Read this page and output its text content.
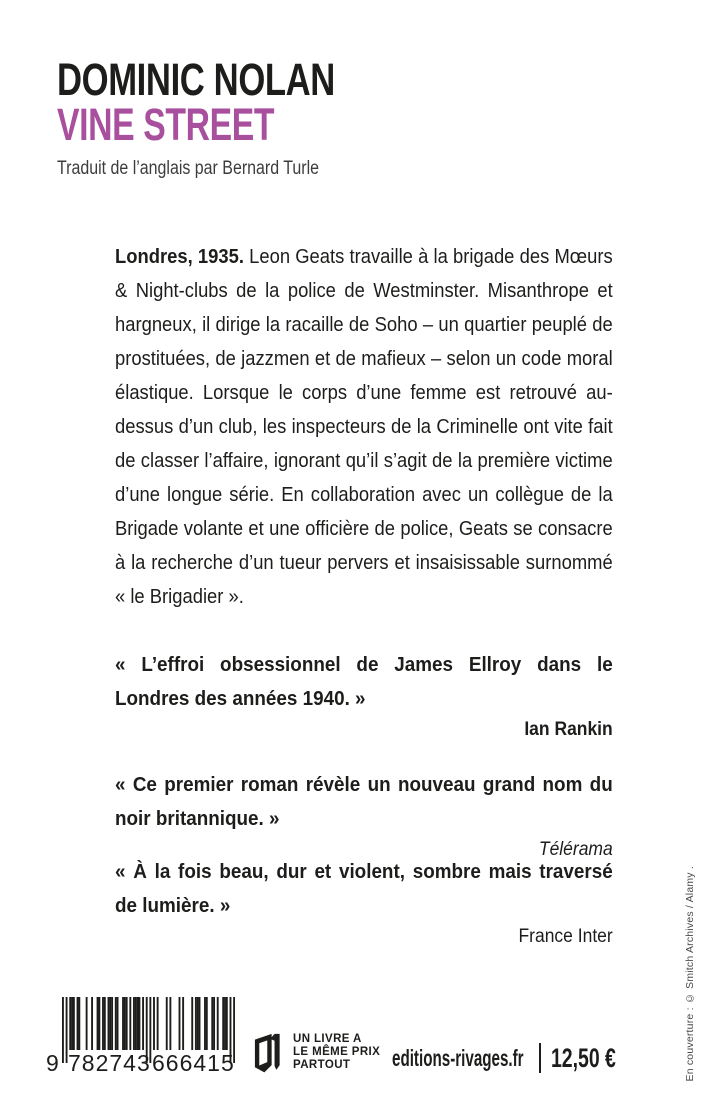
DOMINIC NOLAN
VINE STREET
Traduit de l’anglais par Bernard Turle

Londres, 1935. Leon Geats travaille à la brigade des Mœurs & Night-clubs de la police de Westminster. Misanthrope et hargneux, il dirige la racaille de Soho – un quartier peuplé de prostituées, de jazzmen et de mafieux – selon un code moral élastique. Lorsque le corps d’une femme est retrouvé au-dessus d’un club, les inspecteurs de la Criminelle ont vite fait de classer l’affaire, ignorant qu’il s’agit de la première victime d’une longue série. En collaboration avec un collègue de la Brigade volante et une officière de police, Geats se consacre à la recherche d’un tueur pervers et insaisissable surnommé « le Brigadier ».

« L’effroi obsessionnel de James Ellroy dans le Londres des années 1940. »

Ian Rankin

« Ce premier roman révèle un nouveau grand nom du noir britannique. »

Télérama

« À la fois beau, dur et violent, sombre mais traversé de lumière. »

France Inter

9 782743 666415
UN LIVRE A
LE MÊME PRIX
PARTOUT	editions-rivages.fr	12,50 €	En couverture : © Smitch Archives / Alamy .
